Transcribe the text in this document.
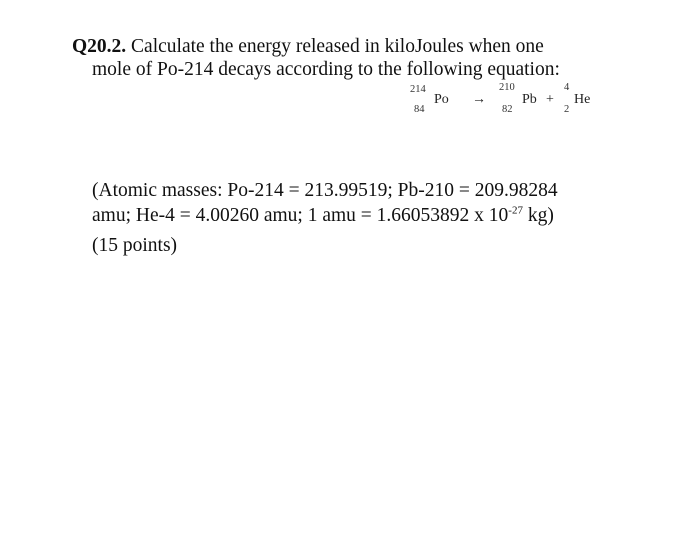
Q20.2. Calculate the energy released in kiloJoules when one
mole of Po-214 decays according to the following equation:
214
84
Po →
210
82
Pb +
4
2
He
(Atomic masses: Po-214 = 213.99519; Pb-210 = 209.98284
amu; He-4 = 4.00260 amu; 1 amu = 1.66053892 x $10^{-27}$ kg)
(15 points)
